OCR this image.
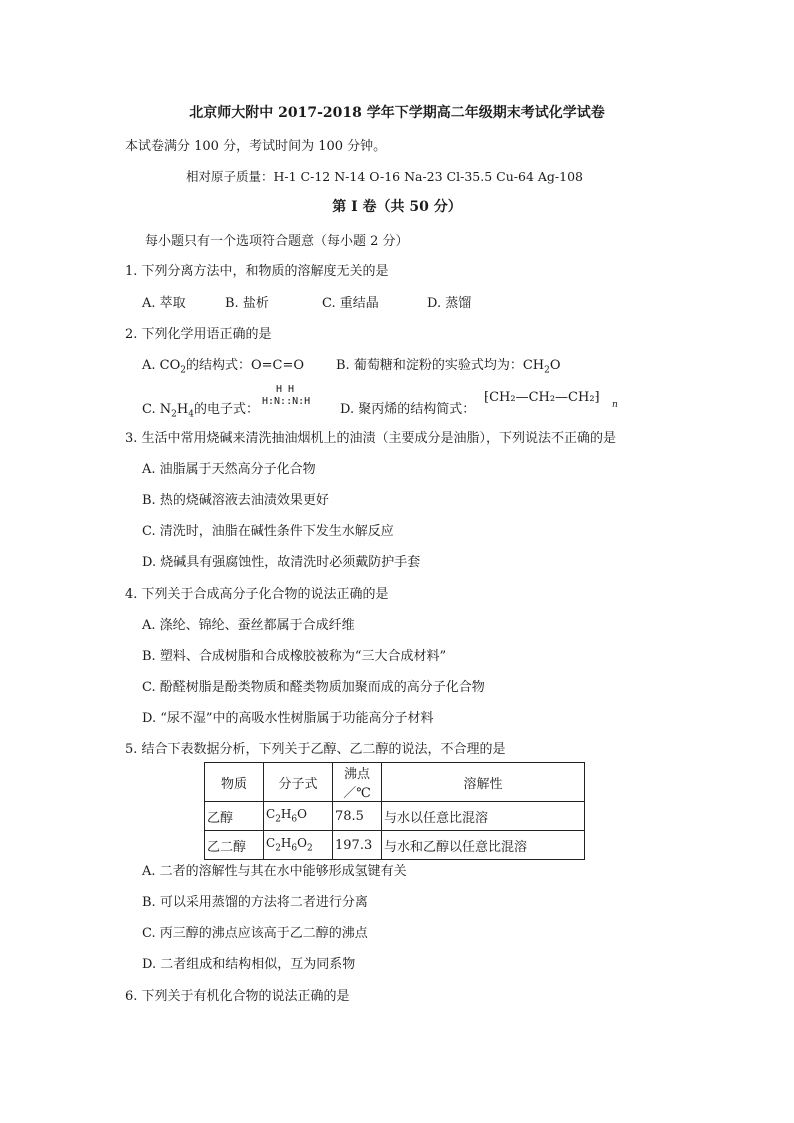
北京师大附中 2017-2018 学年下学期高二年级期末考试化学试卷
本试卷满分 100 分，考试时间为 100 分钟。
相对原子质量：H-1 C-12 N-14 O-16 Na-23 Cl-35.5 Cu-64 Ag-108
第 I 卷（共 50 分）
每小题只有一个选项符合题意（每小题 2 分）
1. 下列分离方法中，和物质的溶解度无关的是
A. 萃取	B. 盐析	C. 重结晶	D. 蒸馏
2. 下列化学用语正确的是
A. $CO_2$的结构式：O=C=O B. 葡萄糖和淀粉的实验式均为：$CH_2O$
C. $N_2H_4$的电子式：
H H
H:N::N:H
D. 聚丙烯的结构简式：
⁅CH₂—CH₂—CH₂⁆ n
3. 生活中常用烧碱来清洗抽油烟机上的油渍（主要成分是油脂），下列说法不正确的是
A. 油脂属于天然高分子化合物
B. 热的烧碱溶液去油渍效果更好
C. 清洗时，油脂在碱性条件下发生水解反应
D. 烧碱具有强腐蚀性，故清洗时必须戴防护手套
4. 下列关于合成高分子化合物的说法正确的是
A. 涤纶、锦纶、蚕丝都属于合成纤维
B. 塑料、合成树脂和合成橡胶被称为“三大合成材料”
C. 酚醛树脂是酚类物质和醛类物质加聚而成的高分子化合物
D. “尿不湿”中的高吸水性树脂属于功能高分子材料
5. 结合下表数据分析，下列关于乙醇、乙二醇的说法，不合理的是
物质	分子式	沸点／℃	溶解性
乙醇	$C_2H_6O$	78.5	与水以任意比混溶
乙二醇	$C_2H_6O_2$	197.3	与水和乙醇以任意比混溶
A. 二者的溶解性与其在水中能够形成氢键有关
B. 可以采用蒸馏的方法将二者进行分离
C. 丙三醇的沸点应该高于乙二醇的沸点
D. 二者组成和结构相似，互为同系物
6. 下列关于有机化合物的说法正确的是
